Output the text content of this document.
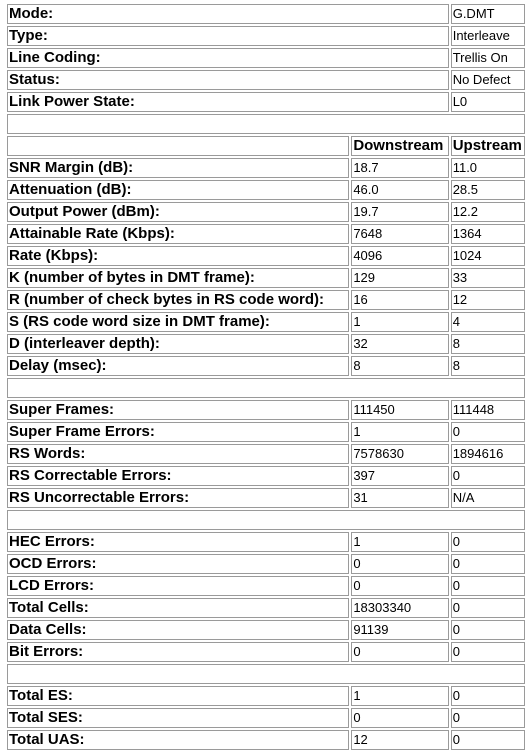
Mode:		G.DMT
Type:		Interleave
Line Coding:		Trellis On
Status:		No Defect
Link Power State:		L0

	Downstream	Upstream
SNR Margin (dB):	18.7	11.0
Attenuation (dB):	46.0	28.5
Output Power (dBm):	19.7	12.2
Attainable Rate (Kbps):	7648	1364
Rate (Kbps):	4096	1024
K (number of bytes in DMT frame):	129	33
R (number of check bytes in RS code word):	16	12
S (RS code word size in DMT frame):	1	4
D (interleaver depth):	32	8
Delay (msec):	8	8

Super Frames:	111450	111448
Super Frame Errors:	1	0
RS Words:	7578630	1894616
RS Correctable Errors:	397	0
RS Uncorrectable Errors:	31	N/A

HEC Errors:	1	0
OCD Errors:	0	0
LCD Errors:	0	0
Total Cells:	18303340	0
Data Cells:	91139	0
Bit Errors:	0	0

Total ES:	1	0
Total SES:	0	0
Total UAS:	12	0
